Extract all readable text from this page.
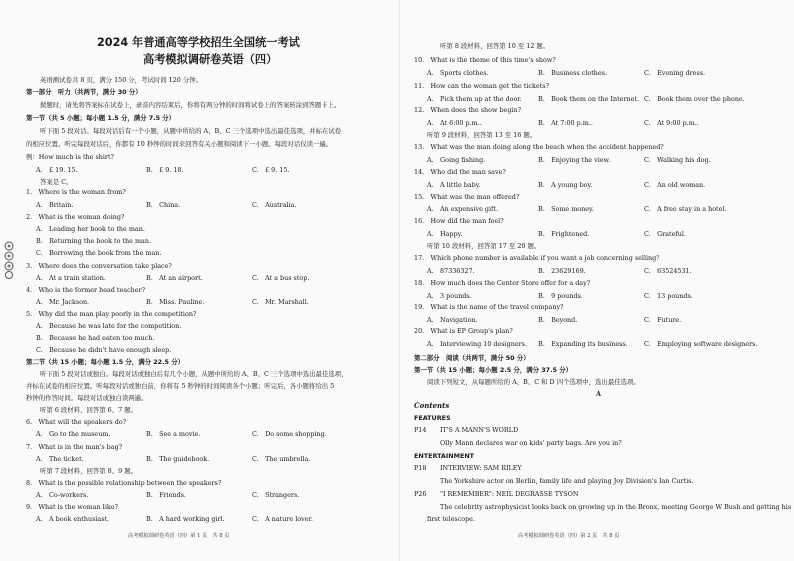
2024 年普通高等学校招生全国统一考试
高考模拟调研卷英语（四）
英语测试卷共 8 页，满分 150 分，考试时间 120 分钟。
第一部分　听力（共两节，满分 30 分）
做题时，请先将答案标在试卷上，录音内容结束后，你将有两分钟的时间将试卷上的答案转涂到答题卡上。
第一节（共 5 小题；每小题 1.5 分，满分 7.5 分）
听下面 5 段对话。每段对话后有一个小题，从题中所给的 A、B、C 三个选项中选出最佳选项，并标在试卷
的相应位置。听完每段对话后，你都有 10 秒钟的时间来回答有关小题和阅读下一小题。每段对话仅读一遍。
例：How much is the shirt?
A.　£ 19. 15.	B.　£ 9. 18.	C.　£ 9. 15.
答案是 C。
1.　Where is the woman from?
A.　Britain.	B.　China.	C.　Australia.
2.　What is the woman doing?
A.　Leading her book to the man.
B.　Returning the book to the man.
C.　Borrowing the book from the man.
3.　Where does the conversation take place?
A.　At a train station.	B.　At an airport.	C.　At a bus stop.
4.　Who is the former head teacher?
A.　Mr. Jackson.	B.　Miss. Pauline.	C.　Mr. Marshall.
5.　Why did the man play poorly in the competition?
A.　Because he was late for the competition.
B.　Because he had eaten too much.
C.　Because he didn't have enough sleep.
第二节（共 15 小题；每小题 1.5 分，满分 22.5 分）
听下面 5 段对话或独白。每段对话或独白后有几个小题，从题中所给的 A、B、C 三个选项中选出最佳选项，
并标在试卷的相应位置。听每段对话或独白前，你将有 5 秒钟的时间阅读各个小题；听完后，各小题将给出 5
秒钟的作答时间。每段对话或独白读两遍。
听第 6 段材料，回答第 6、7 题。
6.　What will the speakers do?
A.　Go to the museum.	B.　See a movie.	C.　Do some shopping.
7.　What is in the man's bag?
A.　The ticket.	B.　The guidebook.	C.　The umbrella.
听第 7 段材料，回答第 8、9 题。
8.　What is the possible relationship between the speakers?
A.　Co-workers.	B.　Friends.	C.　Strangers.
9.　What is the woman like?
A.　A book enthusiast.	B.　A hard working girl.	C.　A nature lover.
高考模拟调研卷英语（四）第 1 页　共 8 页
听第 8 段材料，回答第 10 至 12 题。
10.　What is the theme of this time's show?
A.　Sports clothes.	B.　Business clothes.	C.　Evening dress.
11.　How can the woman get the tickets?
A.　Pick them up at the door.	B.　Book them on the Internet. C.　Book them over the phone.
12.　When does the show begin?
A.　At 6:00 p.m..	B.　At 7:00 p.m..	C.　At 9:00 p.m..
听第 9 段材料，回答第 13 至 16 题。
13.　What was the man doing along the beach when the accident happened?
A.　Going fishing.	B.　Enjoying the view.	C.　Walking his dog.
14.　Who did the man save?
A.　A little baby.	B.　A young boy.	C.　An old woman.
15.　What was the man offered?
A.　An expensive gift.	B.　Some money.	C.　A free stay in a hotel.
16.　How did the man feel?
A.　Happy.	B.　Frightened.	C.　Grateful.
听第 10 段材料，回答第 17 至 20 题。
17.　Which phone number is available if you want a job concerning selling？
A.　87336327.	B.　23629169.	C.　63524531.
18.　How much does the Center Store offer for a day?
A.　3 pounds.	B.　9 pounds.	C.　13 pounds.
19.　What is the name of the travel company?
A.　Navigation.	B.　Beyond.	C.　Future.
20.　What is EP Group's plan?
A.　Interviewing 10 designers. B.　Expanding its business.	C.　Employing software designers.
第二部分　阅读（共两节，满分 50 分）
第一节（共 15 小题；每小题 2.5 分，满分 37.5 分）
阅读下列短文，从每题所给的 A、B、C 和 D 四个选项中，选出最佳选项。
A
Contents
FEATURES
P14 IT'S A MANN'S WORLD
Olly Mann declares war on kids' party bags. Are you in?
ENTERTAINMENT
P18 INTERVIEW: SAM RILEY
The Yorkshire actor on Berlin, family life and playing Joy Division's Ian Curtis.
P26 "I REMEMBER": NEIL DEGRASSE TYSON
The celebrity astrophysicist looks back on growing up in the Bronx, meeting George W Bush and getting his
first telescope.
高考模拟调研卷英语（四）第 2 页　共 8 页
